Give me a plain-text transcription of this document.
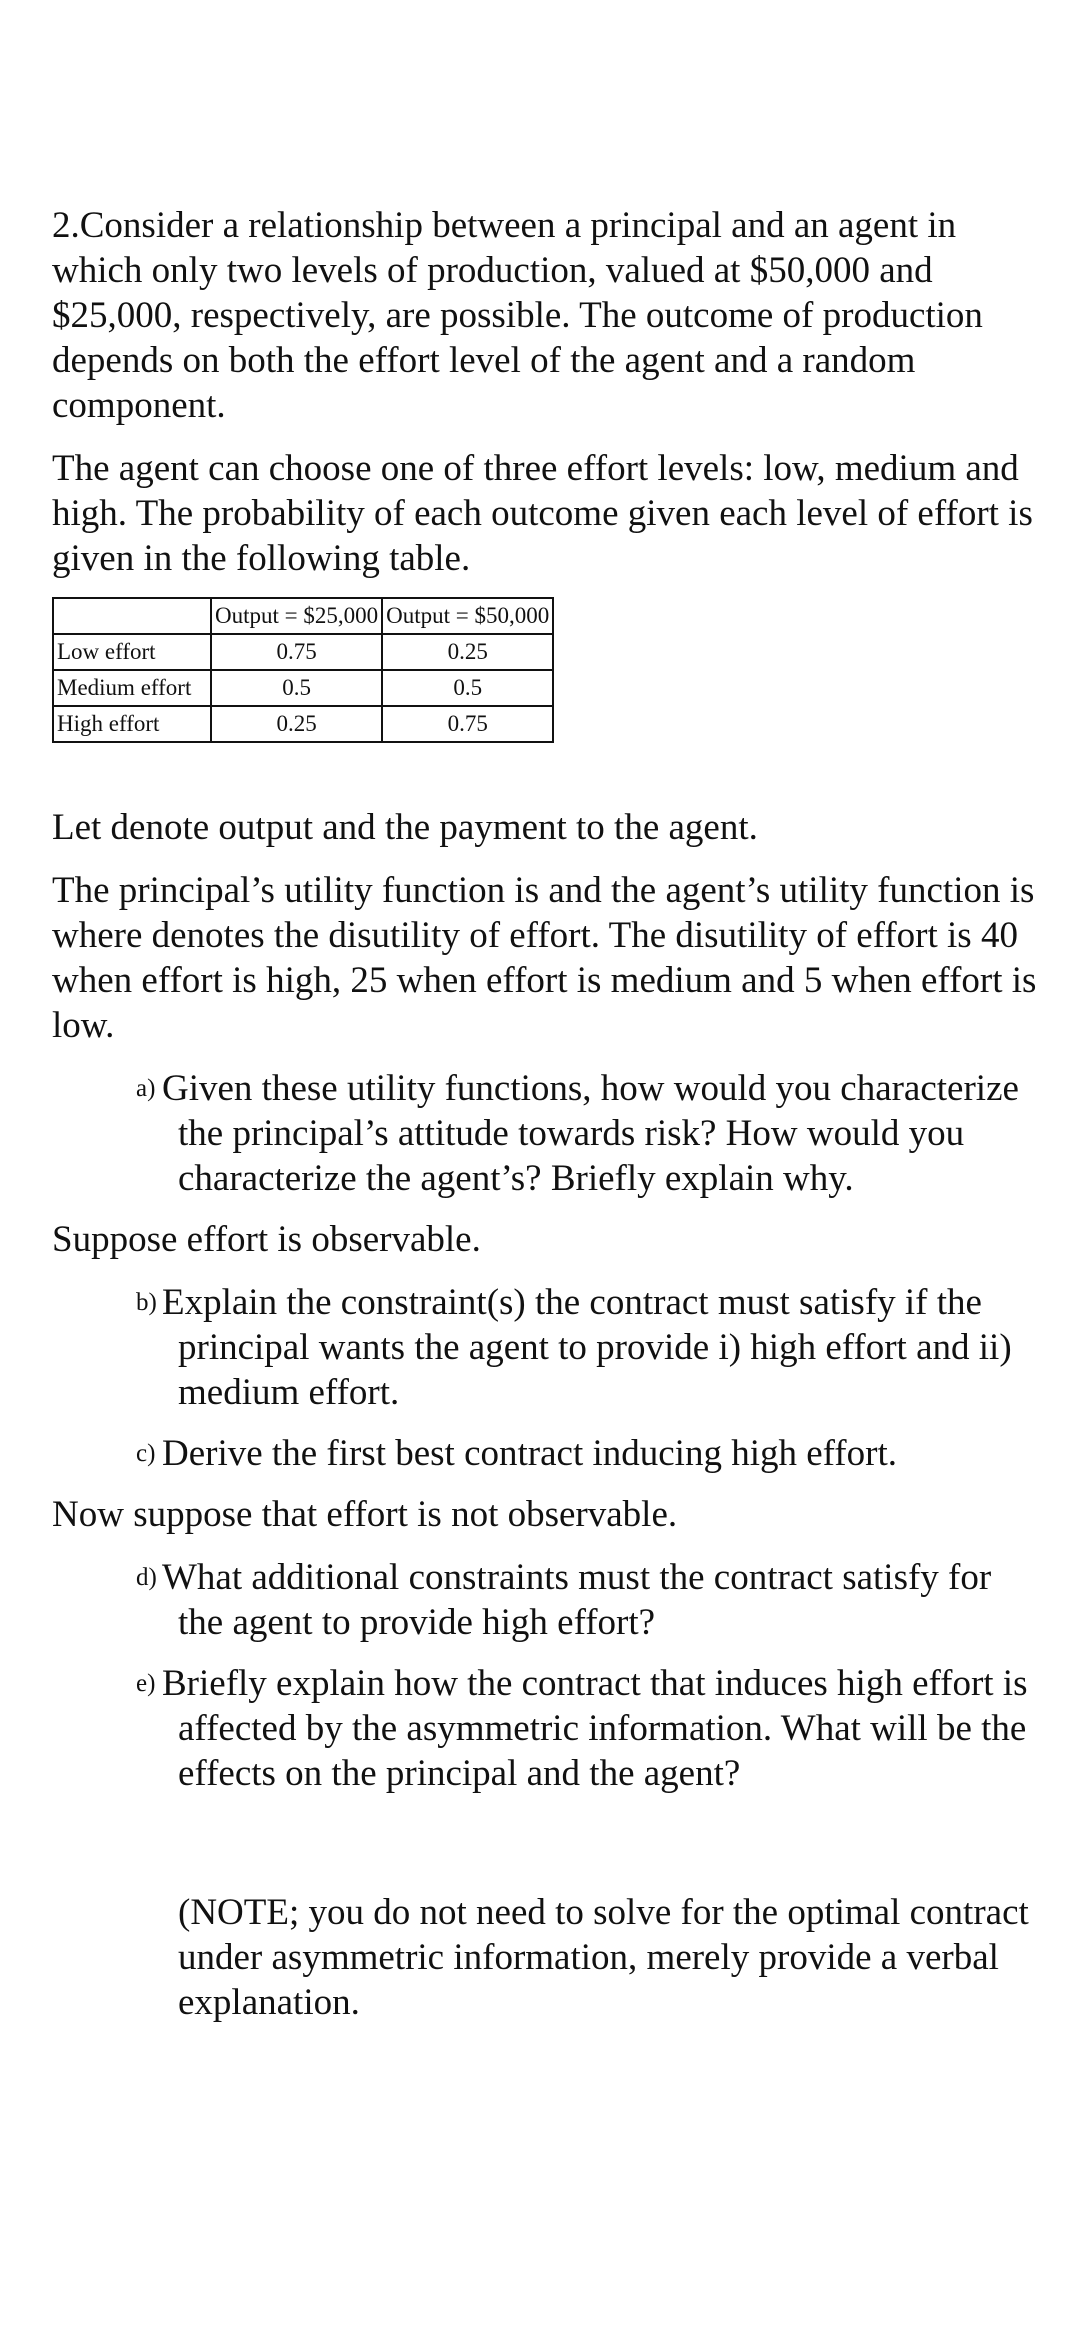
2.Consider a relationship between a principal and an agent in which only two levels of production, valued at $50,000 and $25,000, respectively, are possible. The outcome of production depends on both the effort level of the agent and a random component.

The agent can choose one of three effort levels: low, medium and high. The probability of each outcome given each level of effort is given in the following table.

	Output = $25,000	Output = $50,000
Low effort	0.75	0.25
Medium effort	0.5	0.5
High effort	0.25	0.75

Let denote output and the payment to the agent.

The principal’s utility function is and the agent’s utility function is where denotes the disutility of effort. The disutility of effort is 40 when effort is high, 25 when effort is medium and 5 when effort is low.

a) Given these utility functions, how would you characterize the principal’s attitude towards risk? How would you characterize the agent’s? Briefly explain why.

Suppose effort is observable.

b) Explain the constraint(s) the contract must satisfy if the principal wants the agent to provide i) high effort and ii) medium effort.
c) Derive the first best contract inducing high effort.

Now suppose that effort is not observable.

d) What additional constraints must the contract satisfy for the agent to provide high effort?
e) Briefly explain how the contract that induces high effort is affected by the asymmetric information. What will be the effects on the principal and the agent?
(NOTE; you do not need to solve for the optimal contract under asymmetric information, merely provide a verbal explanation.
